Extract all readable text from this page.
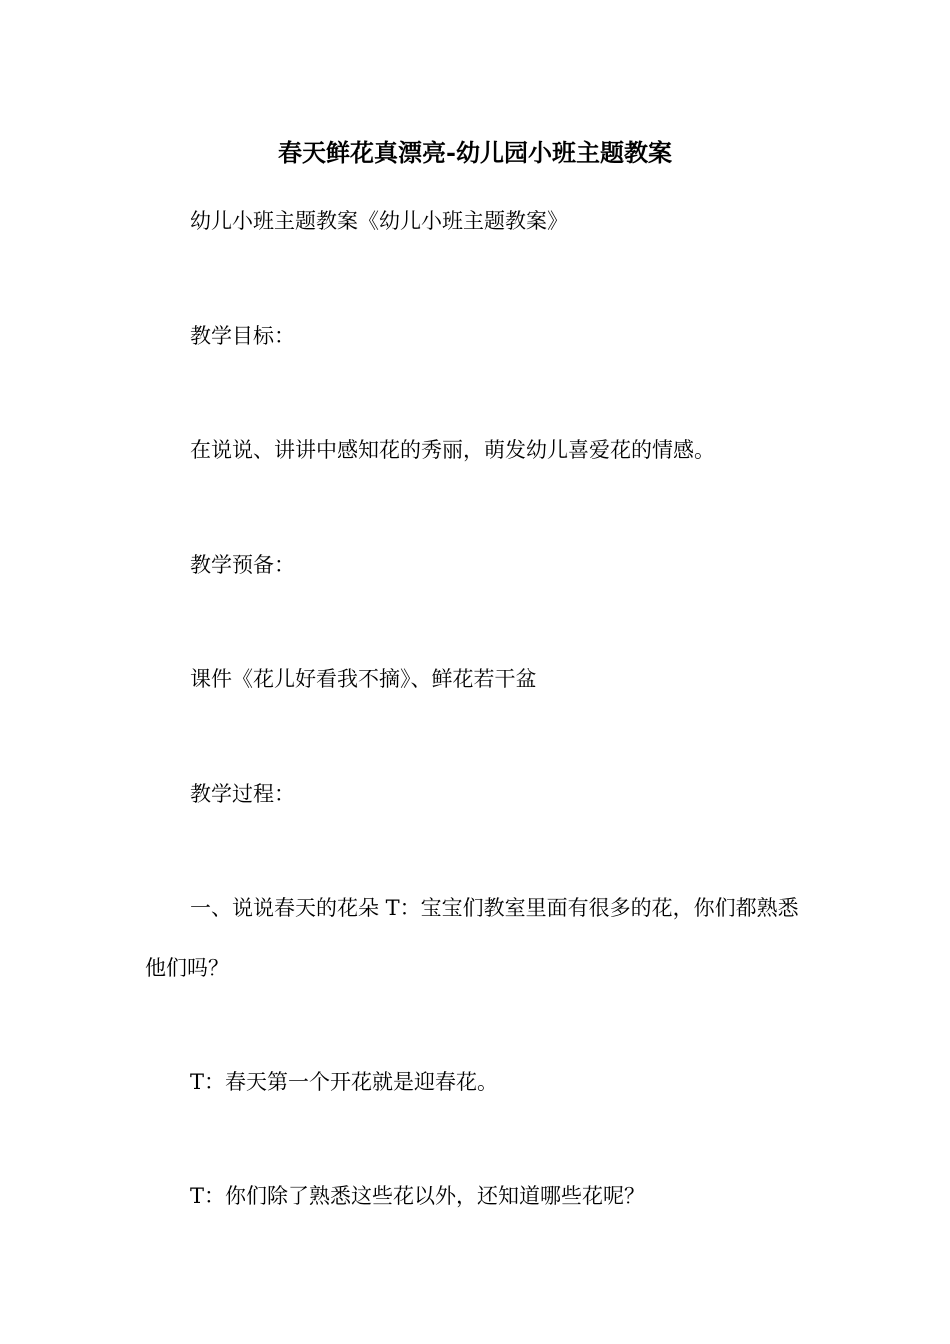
春天鲜花真漂亮-幼儿园小班主题教案

幼儿小班主题教案《幼儿小班主题教案》

教学目标：

在说说、讲讲中感知花的秀丽，萌发幼儿喜爱花的情感。

教学预备：

课件《花儿好看我不摘》、鲜花若干盆

教学过程：

一、说说春天的花朵 T：宝宝们教室里面有很多的花，你们都熟悉他们吗？

T：春天第一个开花就是迎春花。

T：你们除了熟悉这些花以外，还知道哪些花呢？
